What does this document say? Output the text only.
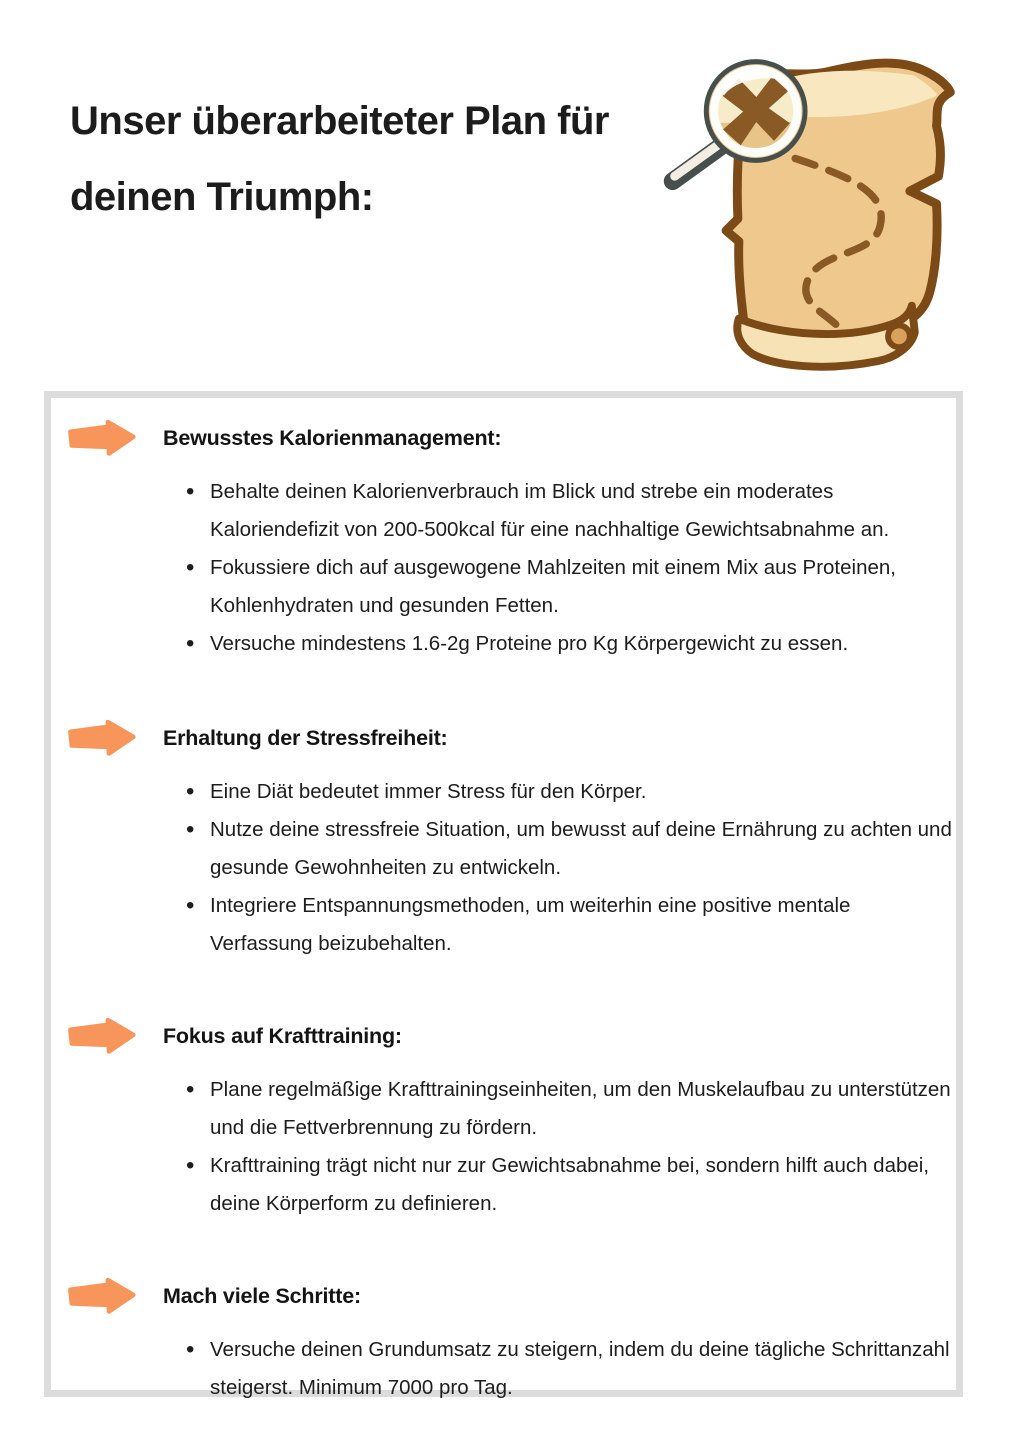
Unser überarbeiteter Plan für
deinen Triumph:
Bewusstes Kalorienmanagement:
• Behalte deinen Kalorienverbrauch im Blick und strebe ein moderates Kaloriendefizit von 200-500kcal für eine nachhaltige Gewichtsabnahme an.
• Fokussiere dich auf ausgewogene Mahlzeiten mit einem Mix aus Proteinen, Kohlenhydraten und gesunden Fetten.
• Versuche mindestens 1.6-2g Proteine pro Kg Körpergewicht zu essen.
Erhaltung der Stressfreiheit:
• Eine Diät bedeutet immer Stress für den Körper.
• Nutze deine stressfreie Situation, um bewusst auf deine Ernährung zu achten und gesunde Gewohnheiten zu entwickeln.
• Integriere Entspannungsmethoden, um weiterhin eine positive mentale Verfassung beizubehalten.
Fokus auf Krafttraining:
• Plane regelmäßige Krafttrainingseinheiten, um den Muskelaufbau zu unterstützen und die Fettverbrennung zu fördern.
• Krafttraining trägt nicht nur zur Gewichtsabnahme bei, sondern hilft auch dabei, deine Körperform zu definieren.
Mach viele Schritte:
• Versuche deinen Grundumsatz zu steigern, indem du deine tägliche Schrittanzahl steigerst. Minimum 7000 pro Tag.
